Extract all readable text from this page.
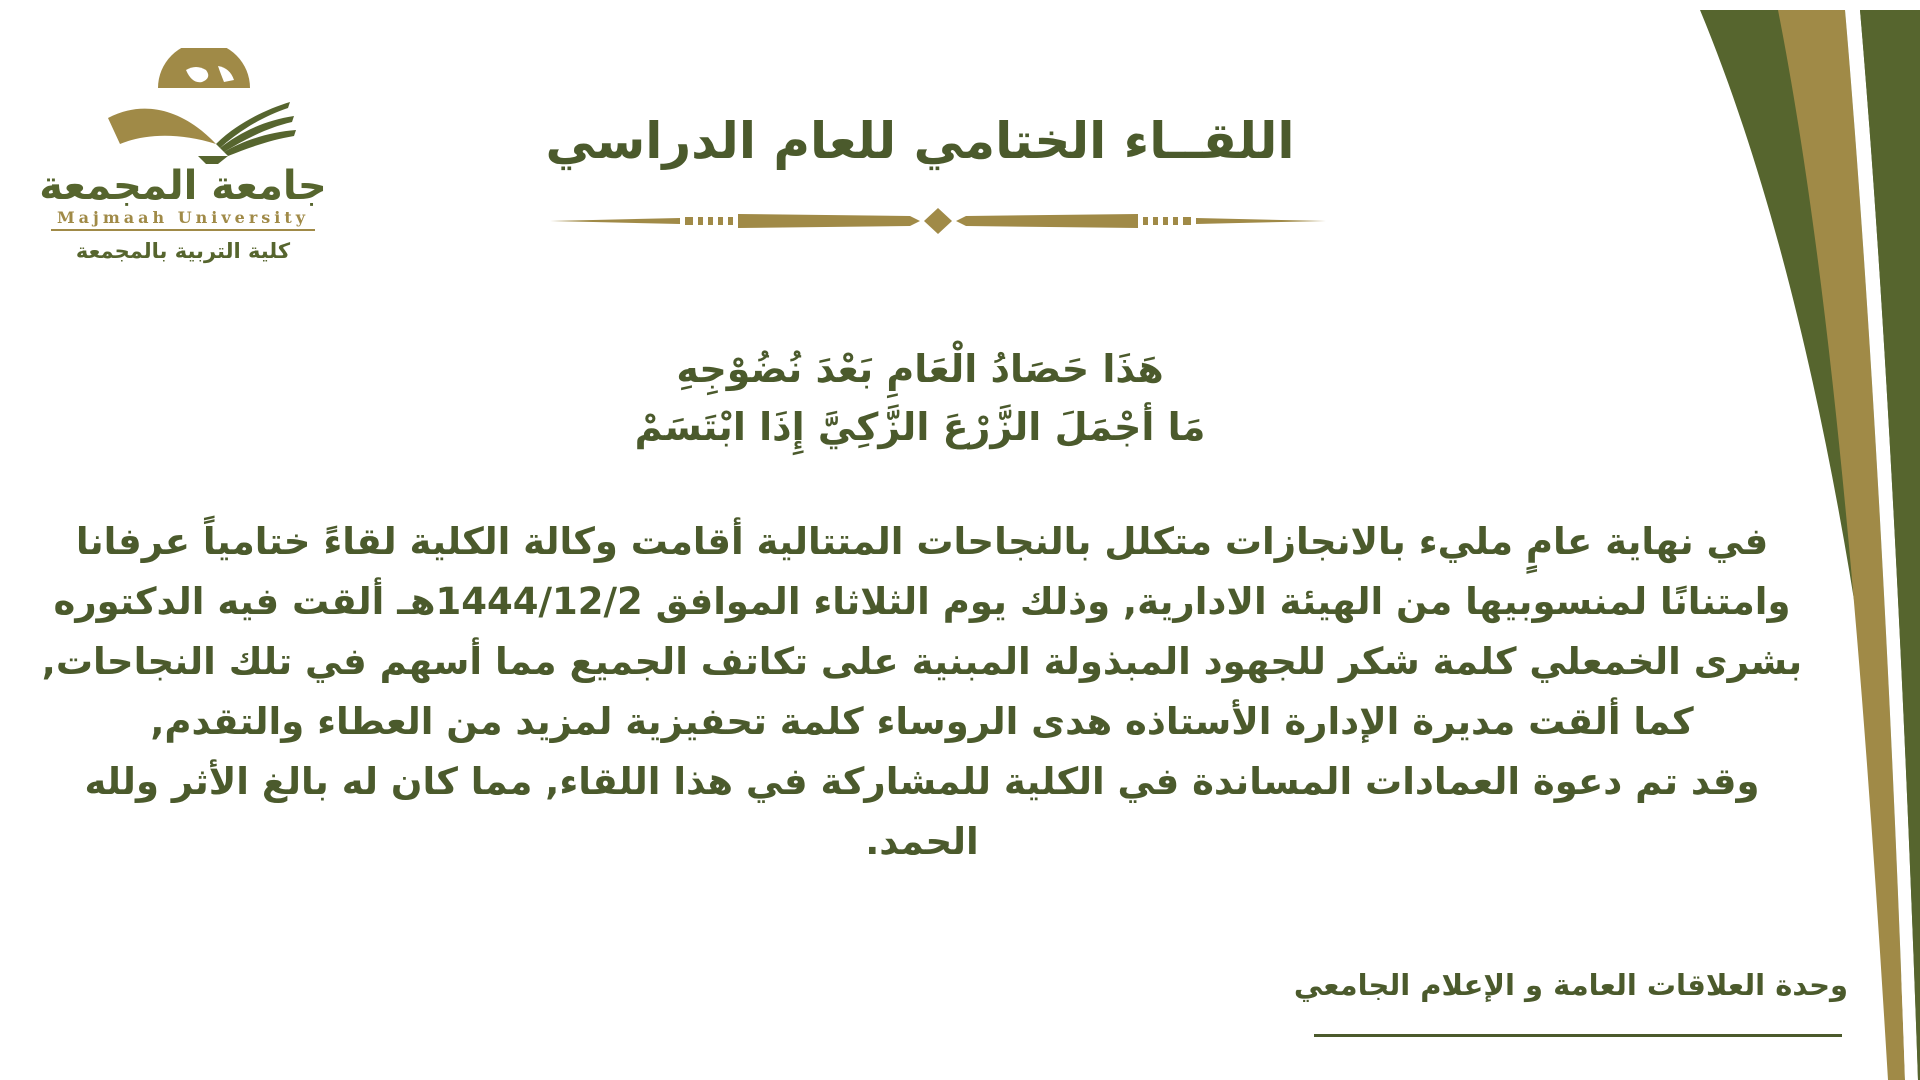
جامعة المجمعة
Majmaah University
كلية التربية بالمجمعة
اللقــاء الختامي للعام الدراسي
هَذَا حَصَادُ الْعَامِ بَعْدَ نُضُوْجِهِ
مَا أجْمَلَ الزَّرْعَ الزَّكِيَّ إِذَا ابْتَسَمْ

في نهاية عامٍ مليء بالانجازات متكلل بالنجاحات المتتالية أقامت وكالة الكلية لقاءً ختامياً عرفانا وامتنانًا لمنسوبيها من الهيئة الادارية, وذلك يوم الثلاثاء الموافق 1444/12/2هـ ألقت فيه الدكتوره بشرى الخمعلي كلمة شكر للجهود المبذولة المبنية على تكاتف الجميع مما أسهم في تلك النجاحات, كما ألقت مديرة الإدارة الأستاذه هدى الروساء كلمة تحفيزية لمزيد من العطاء والتقدم,

وقد تم دعوة العمادات المساندة في الكلية للمشاركة في هذا اللقاء, مما كان له بالغ الأثر ولله الحمد.

وحدة العلاقات العامة و الإعلام الجامعي
